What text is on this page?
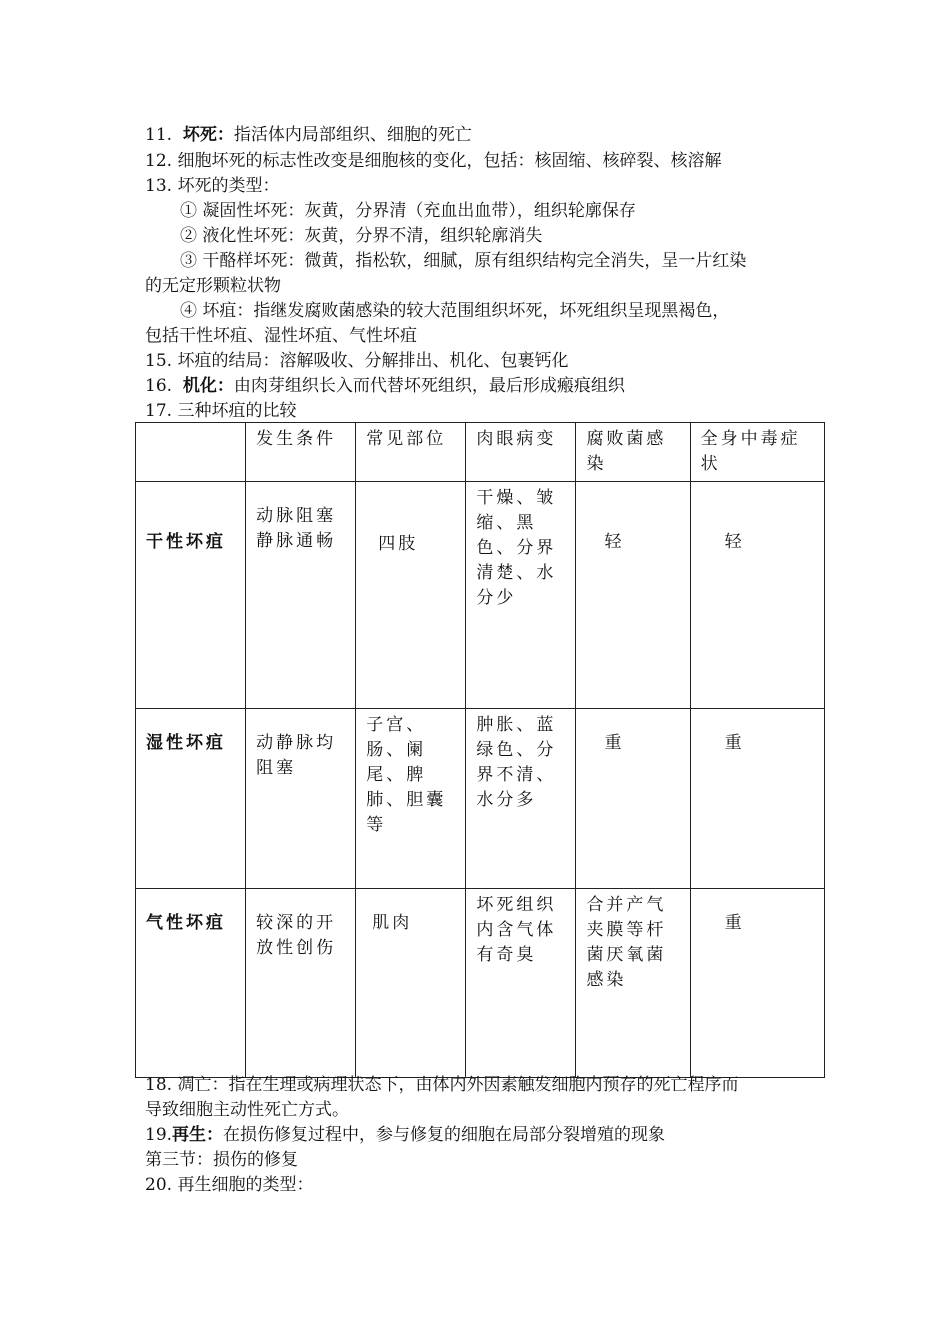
11. 坏死：指活体内局部组织、细胞的死亡
12. 细胞坏死的标志性改变是细胞核的变化，包括：核固缩、核碎裂、核溶解
13. 坏死的类型：
① 凝固性坏死：灰黄，分界清（充血出血带），组织轮廓保存
② 液化性坏死：灰黄，分界不清，组织轮廓消失
③ 干酪样坏死：微黄，指松软，细腻，原有组织结构完全消失，呈一片红染
的无定形颗粒状物
④ 坏疽：指继发腐败菌感染的较大范围组织坏死，坏死组织呈现黑褐色，
包括干性坏疽、湿性坏疽、气性坏疽
15. 坏疽的结局：溶解吸收、分解排出、机化、包裹钙化
16. 机化：由肉芽组织长入而代替坏死组织，最后形成瘢痕组织
17. 三种坏疽的比较
	发生条件	常见部位	肉眼病变	腐败菌感染	全身中毒症状
干性坏疽	动脉阻塞静脉通畅	四肢	干燥、皱缩、黑色、分界清楚、水分少	轻	轻
湿性坏疽	动静脉均阻塞	子宫、肠、阑尾、脾肺、胆囊等	肿胀、蓝绿色、分界不清、水分多	重	重
气性坏疽	较深的开放性创伤	肌肉	坏死组织内含气体有奇臭	合并产气夹膜等杆菌厌氧菌感染	重
18. 凋亡：指在生理或病理状态下，由体内外因素触发细胞内预存的死亡程序而
导致细胞主动性死亡方式。
19.再生：在损伤修复过程中，参与修复的细胞在局部分裂增殖的现象
第三节：损伤的修复
20. 再生细胞的类型：
